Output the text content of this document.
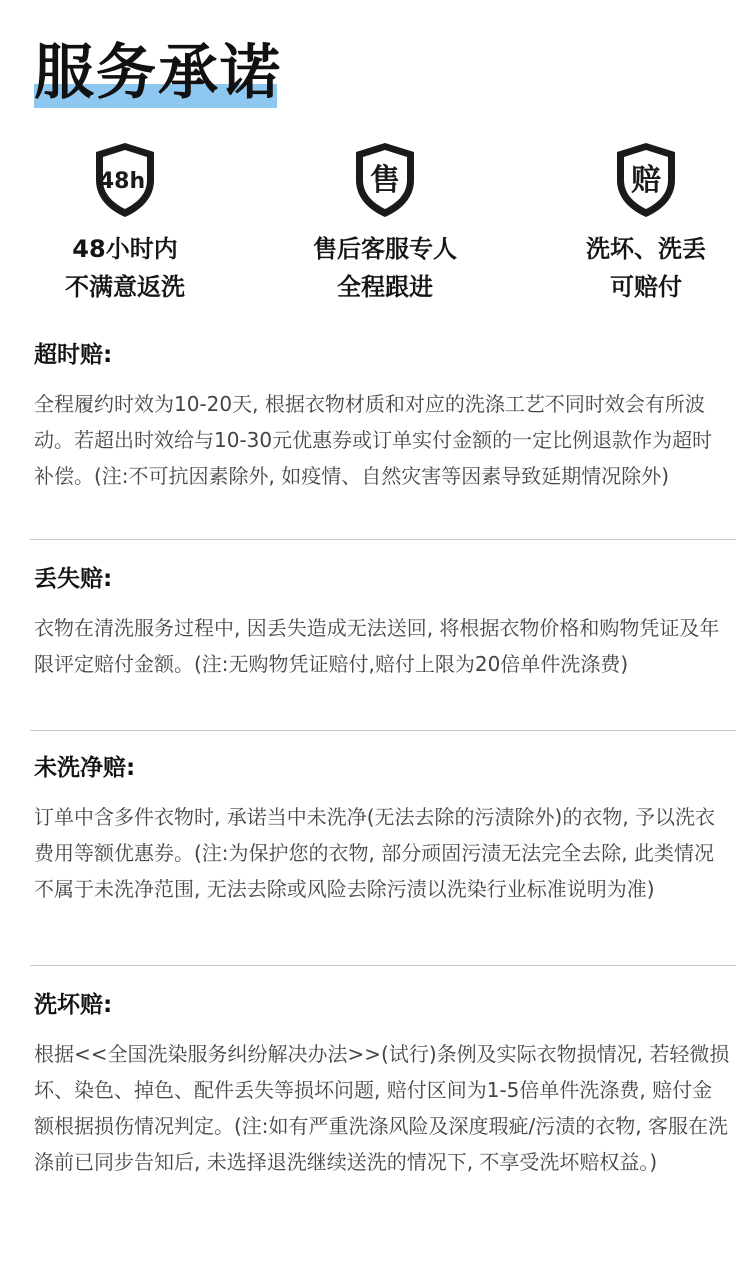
服务承诺
48h
48小时内
不满意返洗
售
售后客服专人
全程跟进
赔
洗坏、洗丢
可赔付
超时赔:

全程履约时效为10-20天, 根据衣物材质和对应的洗涤工艺不同时效会有所波动。若超出时效给与10-30元优惠券或订单实付金额的一定比例退款作为超时补偿。(注:不可抗因素除外, 如疫情、自然灾害等因素导致延期情况除外)

丢失赔:

衣物在清洗服务过程中, 因丢失造成无法送回, 将根据衣物价格和购物凭证及年限评定赔付金额。(注:无购物凭证赔付,赔付上限为20倍单件洗涤费)

未洗净赔:

订单中含多件衣物时, 承诺当中未洗净(无法去除的污渍除外)的衣物, 予以洗衣费用等额优惠券。(注:为保护您的衣物, 部分顽固污渍无法完全去除, 此类情况不属于未洗净范围, 无法去除或风险去除污渍以洗染行业标准说明为准)

洗坏赔:

根据<<全国洗染服务纠纷解决办法>>(试行)条例及实际衣物损情况, 若轻微损坏、染色、掉色、配件丢失等损坏问题, 赔付区间为1-5倍单件洗涤费, 赔付金额根据损伤情况判定。(注:如有严重洗涤风险及深度瑕疵/污渍的衣物, 客服在洗涤前已同步告知后, 未选择退洗继续送洗的情况下, 不享受洗坏赔权益。)
